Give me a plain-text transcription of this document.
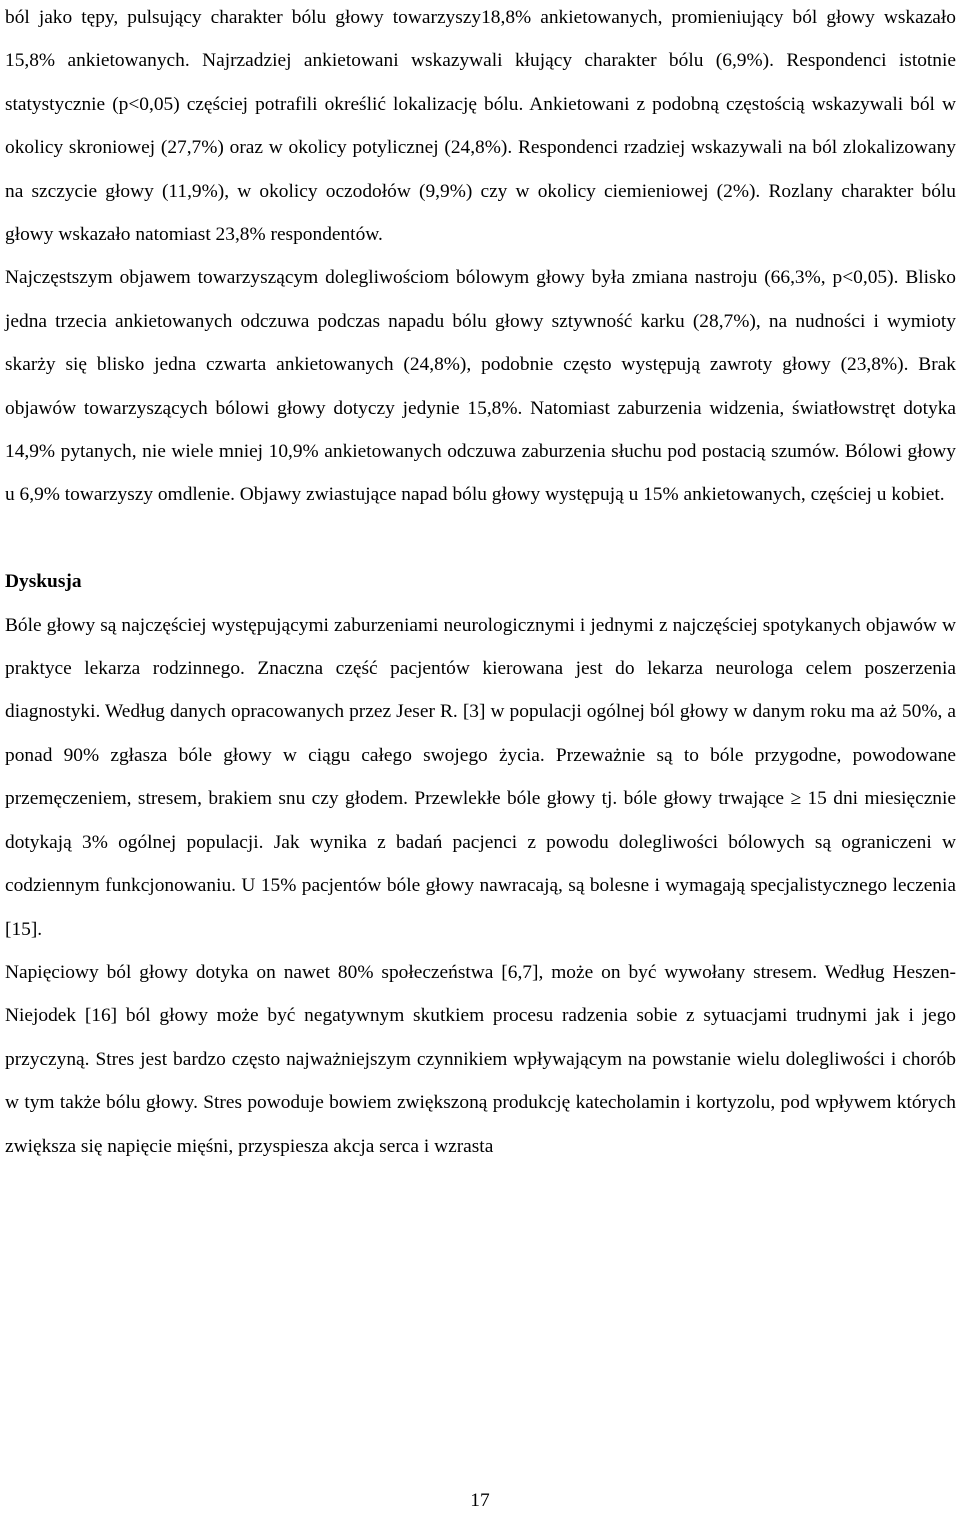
ból jako tępy, pulsujący charakter bólu głowy towarzyszy18,8% ankietowanych, promieniujący ból głowy wskazało 15,8% ankietowanych. Najrzadziej ankietowani wskazywali kłujący charakter bólu (6,9%). Respondenci istotnie statystycznie (p<0,05) częściej potrafili określić lokalizację bólu. Ankietowani z podobną częstością wskazywali ból w okolicy skroniowej (27,7%) oraz w okolicy potylicznej (24,8%). Respondenci rzadziej wskazywali na ból zlokalizowany na szczycie głowy (11,9%), w okolicy oczodołów (9,9%) czy w okolicy ciemieniowej (2%). Rozlany charakter bólu głowy wskazało natomiast 23,8% respondentów.

Najczęstszym objawem towarzyszącym dolegliwościom bólowym głowy była zmiana nastroju (66,3%, p<0,05). Blisko jedna trzecia ankietowanych odczuwa podczas napadu bólu głowy sztywność karku (28,7%), na nudności i wymioty skarży się blisko jedna czwarta ankietowanych (24,8%), podobnie często występują zawroty głowy (23,8%). Brak objawów towarzyszących bólowi głowy dotyczy jedynie 15,8%. Natomiast zaburzenia widzenia, światłowstręt dotyka 14,9% pytanych, nie wiele mniej 10,9% ankietowanych odczuwa zaburzenia słuchu pod postacią szumów. Bólowi głowy u 6,9% towarzyszy omdlenie. Objawy zwiastujące napad bólu głowy występują u 15% ankietowanych, częściej u kobiet.

Dyskusja

Bóle głowy są najczęściej występującymi zaburzeniami neurologicznymi i jednymi z najczęściej spotykanych objawów w praktyce lekarza rodzinnego. Znaczna część pacjentów kierowana jest do lekarza neurologa celem poszerzenia diagnostyki. Według danych opracowanych przez Jeser R. [3] w populacji ogólnej ból głowy w danym roku ma aż 50%, a ponad 90% zgłasza bóle głowy w ciągu całego swojego życia. Przeważnie są to bóle przygodne, powodowane przemęczeniem, stresem, brakiem snu czy głodem. Przewlekłe bóle głowy tj. bóle głowy trwające ≥ 15 dni miesięcznie dotykają 3% ogólnej populacji. Jak wynika z badań pacjenci z powodu dolegliwości bólowych są ograniczeni w codziennym funkcjonowaniu. U 15% pacjentów bóle głowy nawracają, są bolesne i wymagają specjalistycznego leczenia [15].

Napięciowy ból głowy dotyka on nawet 80% społeczeństwa [6,7], może on być wywołany stresem. Według Heszen-Niejodek [16] ból głowy może być negatywnym skutkiem procesu radzenia sobie z sytuacjami trudnymi jak i jego przyczyną. Stres jest bardzo często najważniejszym czynnikiem wpływającym na powstanie wielu dolegliwości i chorób w tym także bólu głowy. Stres powoduje bowiem zwiększoną produkcję katecholamin i kortyzolu, pod wpływem których zwiększa się napięcie mięśni, przyspiesza akcja serca i wzrasta

17
